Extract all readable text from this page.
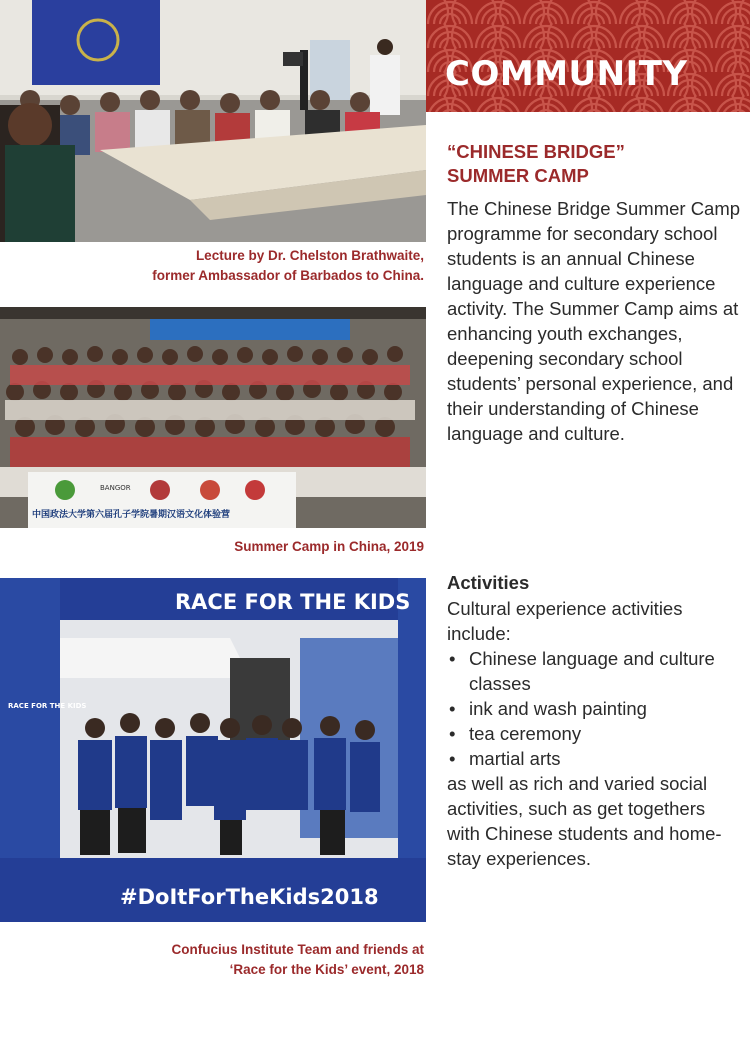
Lecture by Dr. Chelston Brathwaite,
former Ambassador of Barbados to China.
BANGOR
中国政法大学第六届孔子学院暑期汉语文化体验营
Summer Camp in China, 2019
RACE FOR THE KIDS
#DoItForTheKids2018
RACE FOR THE KIDS
Confucius Institute Team and friends at
‘Race for the Kids’ event, 2018
COMMUNITY
“CHINESE BRIDGE”
SUMMER CAMP

The Chinese Bridge Summer Camp programme for secondary school students is an annual Chinese language and culture experience activity. The Summer Camp aims at enhancing youth exchanges, deepening secondary school students’ personal experience, and their understanding of Chinese language and culture.

Activities

Cultural experience activities include:

• Chinese language and culture classes
• ink and wash painting
• tea ceremony
• martial arts

as well as rich and varied social activities, such as get togethers with Chinese students and home-stay experiences.
